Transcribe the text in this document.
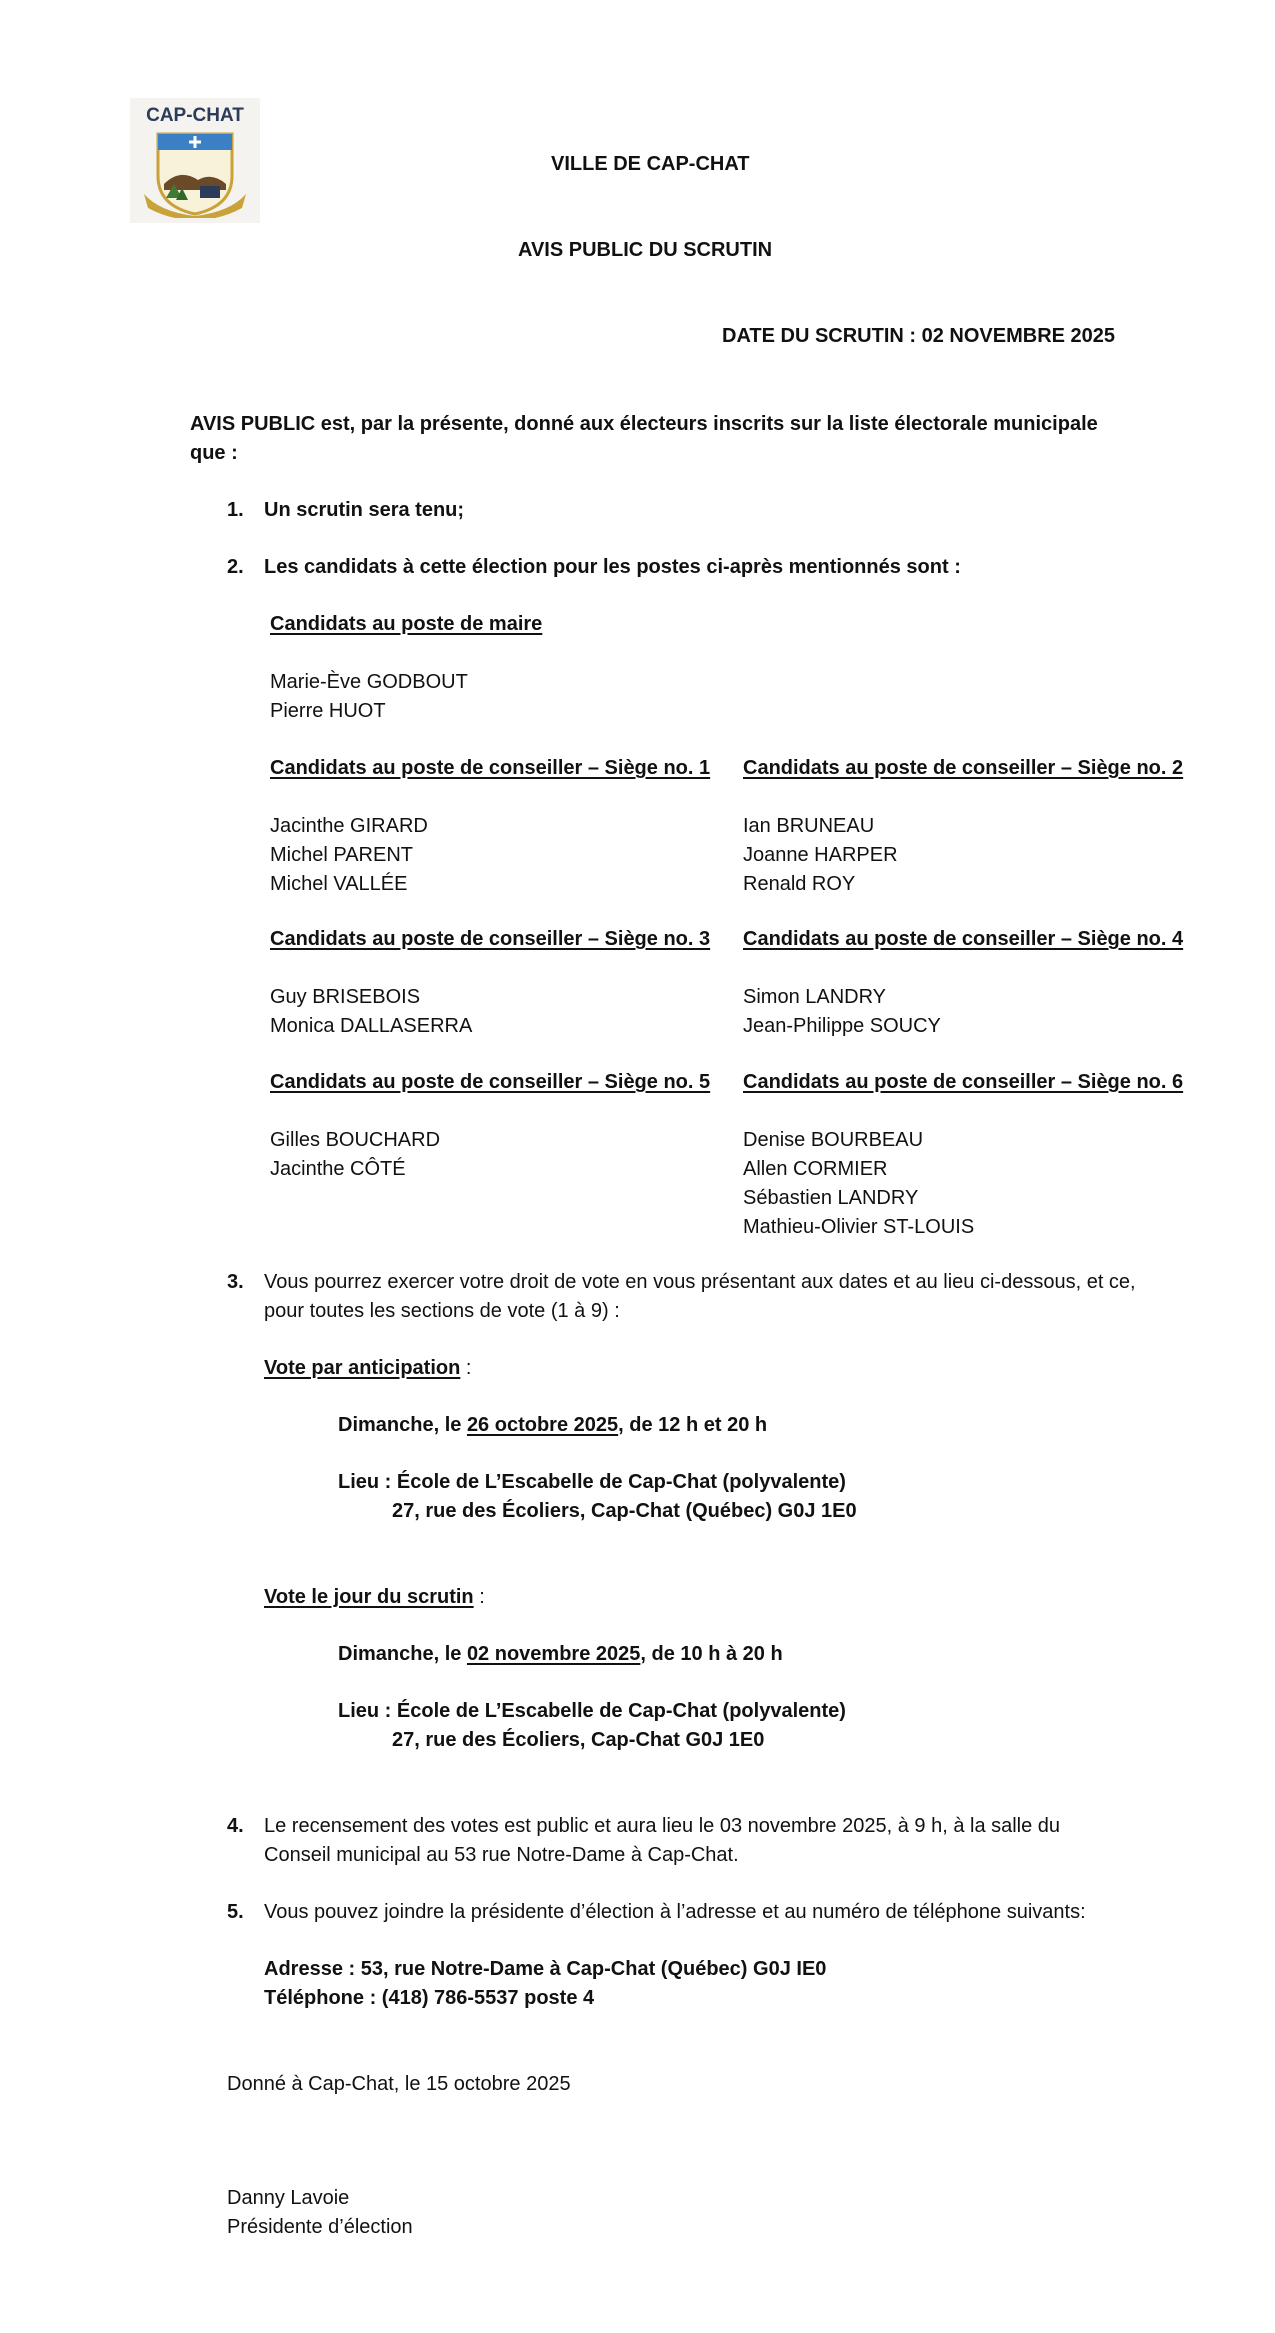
CAP-CHAT
VILLE DE CAP-CHAT
AVIS PUBLIC DU SCRUTIN
DATE DU SCRUTIN : 02 NOVEMBRE 2025
AVIS PUBLIC est, par la présente, donné aux électeurs inscrits sur la liste électorale municipale
que :
1. Un scrutin sera tenu;
2. Les candidats à cette élection pour les postes ci-après mentionnés sont :
Candidats au poste de maire
Marie-Ève GODBOUT
Pierre HUOT
Candidats au poste de conseiller – Siège no. 1
Jacinthe GIRARD
Michel PARENT
Michel VALLÉE
Candidats au poste de conseiller – Siège no. 2
Ian BRUNEAU
Joanne HARPER
Renald ROY
Candidats au poste de conseiller – Siège no. 3
Guy BRISEBOIS
Monica DALLASERRA
Candidats au poste de conseiller – Siège no. 4
Simon LANDRY
Jean-Philippe SOUCY
Candidats au poste de conseiller – Siège no. 5
Gilles BOUCHARD
Jacinthe CÔTÉ
Candidats au poste de conseiller – Siège no. 6
Denise BOURBEAU
Allen CORMIER
Sébastien LANDRY
Mathieu-Olivier ST-LOUIS
3. Vous pourrez exercer votre droit de vote en vous présentant aux dates et au lieu ci-dessous, et ce,
pour toutes les sections de vote (1 à 9) :
Vote par anticipation :
Dimanche, le 26 octobre 2025, de 12 h et 20 h
Lieu : École de L’Escabelle de Cap-Chat (polyvalente)
27, rue des Écoliers, Cap-Chat (Québec) G0J 1E0
Vote le jour du scrutin :
Dimanche, le 02 novembre 2025, de 10 h à 20 h
Lieu : École de L’Escabelle de Cap-Chat (polyvalente)
27, rue des Écoliers, Cap-Chat G0J 1E0
4. Le recensement des votes est public et aura lieu le 03 novembre 2025, à 9 h, à la salle du
Conseil municipal au 53 rue Notre-Dame à Cap-Chat.
5. Vous pouvez joindre la présidente d’élection à l’adresse et au numéro de téléphone suivants:
Adresse : 53, rue Notre-Dame à Cap-Chat (Québec) G0J IE0
Téléphone : (418) 786-5537 poste 4
Donné à Cap-Chat, le 15 octobre 2025
Danny Lavoie
Présidente d’élection
